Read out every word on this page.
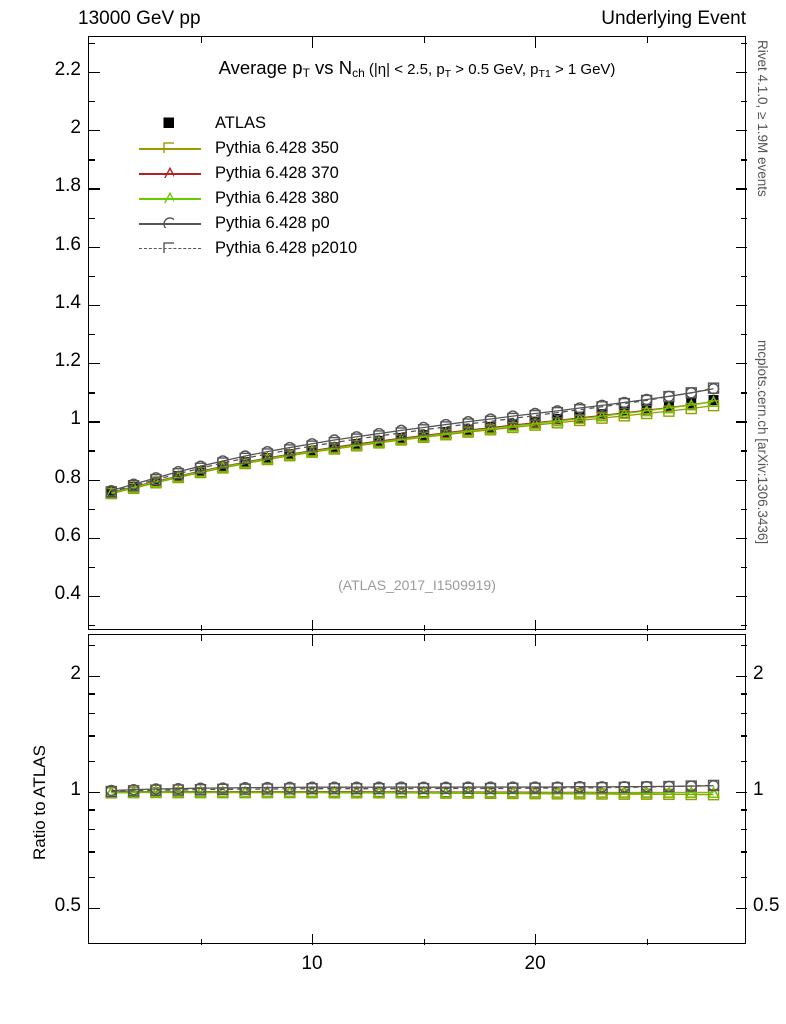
13000 GeV pp	Underlying Event
Rivet 4.1.0, ≥ 1.9M events
mcplots.cern.ch [arXiv:1306.3436]
Average $p_T$ vs $N_{ch}$ (|η| < 2.5, $p_T > 0.5$ GeV, $p_{T1} > 1$ GeV)
(ATLAS_2017_I1509919)
ATLAS
Pythia 6.428 350
Pythia 6.428 370
Pythia 6.428 380
Pythia 6.428 p0
Pythia 6.428 p2010
0.4
0.6
0.8
1
1.2
1.4
1.6
1.8
2
2.2
0.5	0.5
1	1
2	2
10	20
Ratio to ATLAS
